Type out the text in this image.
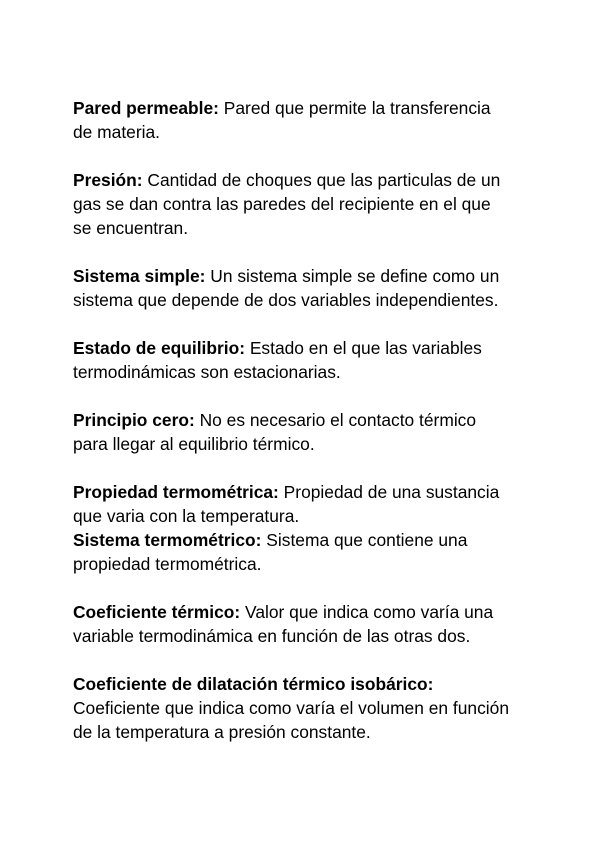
Pared permeable: Pared que permite la transferencia
de materia.

Presión: Cantidad de choques que las particulas de un
gas se dan contra las paredes del recipiente en el que
se encuentran.

Sistema simple: Un sistema simple se define como un
sistema que depende de dos variables independientes.

Estado de equilibrio: Estado en el que las variables
termodinámicas son estacionarias.

Principio cero: No es necesario el contacto térmico
para llegar al equilibrio térmico.

Propiedad termométrica: Propiedad de una sustancia
que varia con la temperatura.

Sistema termométrico: Sistema que contiene una
propiedad termométrica.

Coeficiente térmico: Valor que indica como varía una
variable termodinámica en función de las otras dos.

Coeficiente de dilatación térmico isobárico:
Coeficiente que indica como varía el volumen en función
de la temperatura a presión constante.
